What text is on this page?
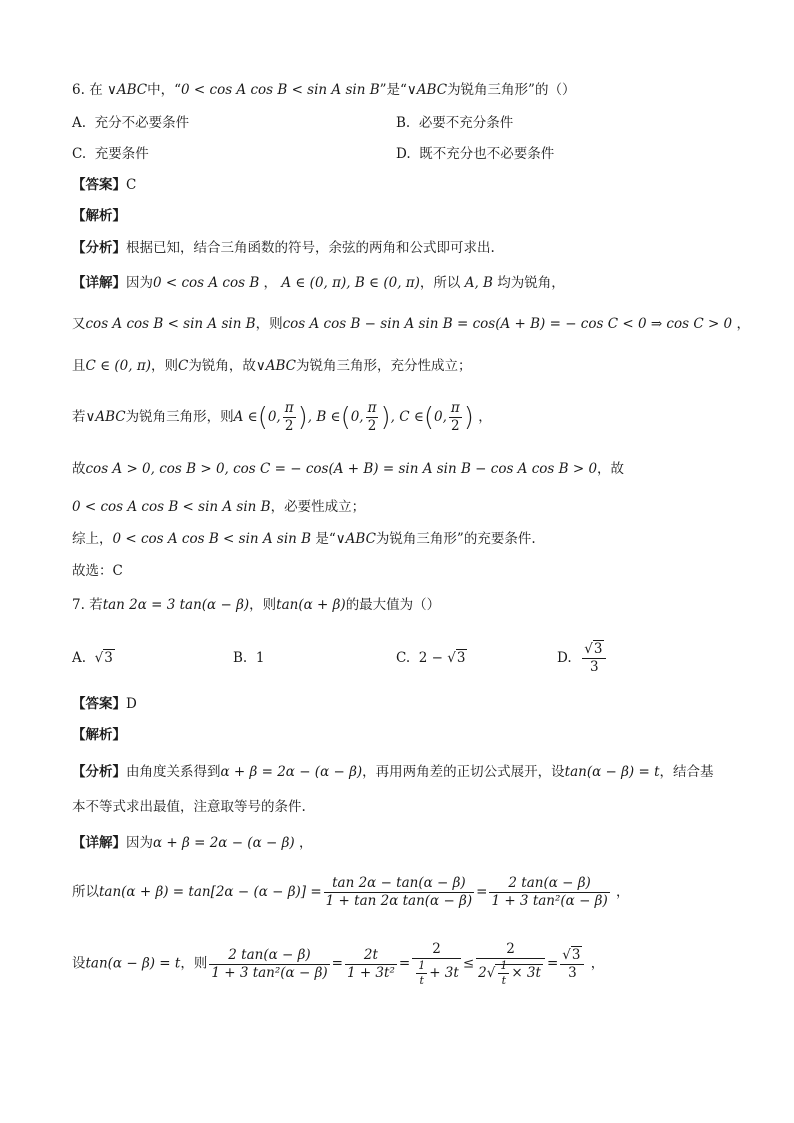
6. 在 ∨ABC中，“0 < cos A cos B < sin A sin B”是“∨ABC为锐角三角形”的（）
A. 充分不必要条件	B. 必要不充分条件
C. 充要条件	D. 既不充分也不必要条件
【答案】C
【解析】
【分析】根据已知，结合三角函数的符号，余弦的两角和公式即可求出.
【详解】因为0 < cos A cos B ， A ∈ (0, π), B ∈ (0, π)，所以 A, B 均为锐角，
又cos A cos B < sin A sin B，则cos A cos B − sin A sin B = cos(A + B) = − cos C < 0 ⇒ cos C > 0 ，
且C ∈ (0, π)，则C为锐角，故∨ABC为锐角三角形，充分性成立；
若∨ABC为锐角三角形，则A ∈(0, $\frac{\pi}{2}$ ), B ∈(0, $\frac{\pi}{2}$ ), C ∈(0, $\frac{\pi}{2}$ ) ，
故cos A > 0, cos B > 0, cos C = − cos(A + B) = sin A sin B − cos A cos B > 0，故
0 < cos A cos B < sin A sin B，必要性成立；
综上，0 < cos A cos B < sin A sin B 是“∨ABC为锐角三角形”的充要条件.
故选：C
7. 若tan 2α = 3 tan(α − β)，则tan(α + β)的最大值为（）
A. √3	B. 1	C.  2 − √3	D. $\frac{√3}{3}$
【答案】D
【解析】
【分析】由角度关系得到α + β = 2α − (α − β)，再用两角差的正切公式展开，设tan(α − β) = t，结合基
本不等式求出最值，注意取等号的条件.
【详解】因为α + β = 2α − (α − β) ，
所以$\tan(\alpha + \beta) = \tan[2\alpha - (\alpha - \beta)] = \frac{\tan 2\alpha - \tan(\alpha - \beta)}{\text{1 + tan 2α tan(α − β)}} = \frac{2 \tan(\alpha - \beta)}{\text{1 + 3 tan²(α − β)}}$ ，
设tan(α − β) = t，则 $\frac{2 \tan(\alpha - \beta)}{\text{1 + 3 tan²(α − β)}} = \frac{2t}{\text{1 + 3t²}} = \frac{2}{\frac{1}{t} + 3t} \le \frac{2}{2√ \frac{1}{t} \times 3t} = \frac{√3}{3}$ ，
